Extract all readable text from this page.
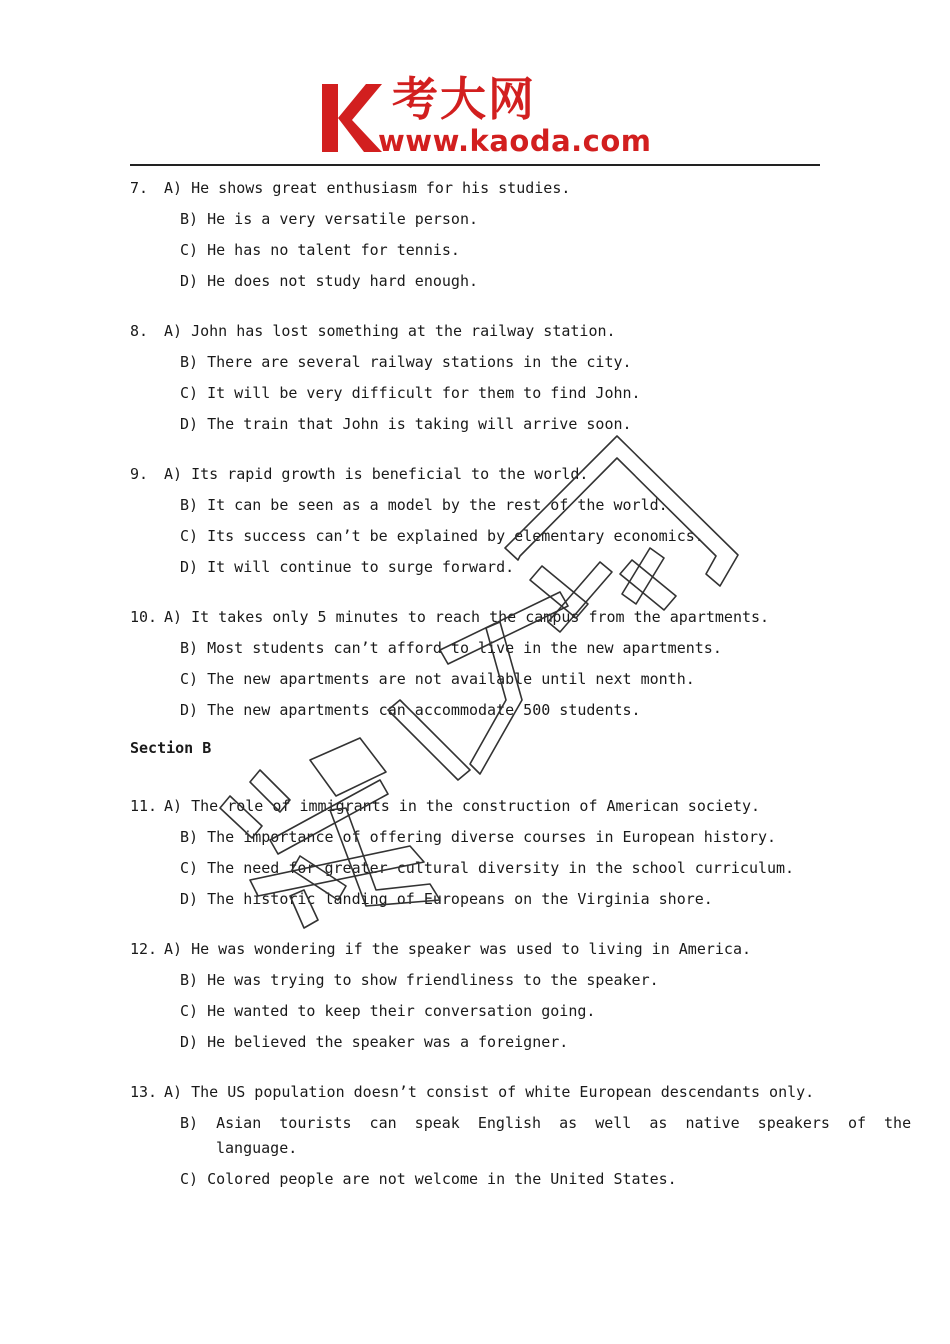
考大网
www.kaoda.com
7. A) He shows great enthusiasm for his studies.
B) He is a very versatile person.
C) He has no talent for tennis.
D) He does not study hard enough.
8. A) John has lost something at the railway station.
B) There are several railway stations in the city.
C) It will be very difficult for them to find John.
D) The train that John is taking will arrive soon.
9. A) Its rapid growth is beneficial to the world.
B) It can be seen as a model by the rest of the world.
C) Its success can’t be explained by elementary economics.
D) It will continue to surge forward.
10. A) It takes only 5 minutes to reach the campus from the apartments.
B) Most students can’t afford to live in the new apartments.
C) The new apartments are not available until next month.
D) The new apartments can accommodate 500 students.
Section B
11. A) The role of immigrants in the construction of American society.
B) The importance of offering diverse courses in European history.
C) The need for greater cultural diversity in the school curriculum.
D) The historic landing of Europeans on the Virginia shore.
12. A) He was wondering if the speaker was used to living in America.
B) He was trying to show friendliness to the speaker.
C) He wanted to keep their conversation going.
D) He believed the speaker was a foreigner.
13. A) The US population doesn’t consist of white European descendants only.
B) Asian tourists can speak English as well as native speakers of the
language.
C) Colored people are not welcome in the United States.
